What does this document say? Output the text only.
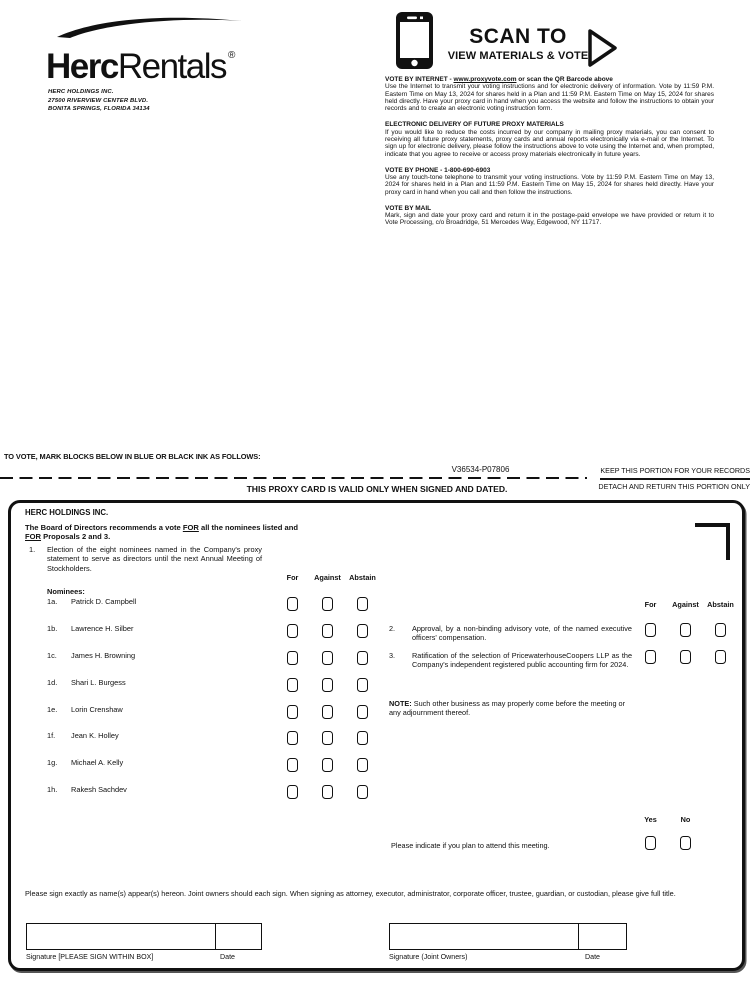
HercRentals ®
HERC HOLDINGS INC.
27500 RIVERVIEW CENTER BLVD.
BONITA SPRINGS, FLORIDA 34134
SCAN TO
VIEW MATERIALS & VOTE
VOTE BY INTERNET - www.proxyvote.com or scan the QR Barcode above
Use the Internet to transmit your voting instructions and for electronic delivery of information. Vote by 11:59 P.M. Eastern Time on May 13, 2024 for shares held in a Plan and 11:59 P.M. Eastern Time on May 15, 2024 for shares held directly. Have your proxy card in hand when you access the website and follow the instructions to obtain your records and to create an electronic voting instruction form.
ELECTRONIC DELIVERY OF FUTURE PROXY MATERIALS
If you would like to reduce the costs incurred by our company in mailing proxy materials, you can consent to receiving all future proxy statements, proxy cards and annual reports electronically via e-mail or the Internet. To sign up for electronic delivery, please follow the instructions above to vote using the Internet and, when prompted, indicate that you agree to receive or access proxy materials electronically in future years.
VOTE BY PHONE - 1-800-690-6903
Use any touch-tone telephone to transmit your voting instructions. Vote by 11:59 P.M. Eastern Time on May 13, 2024 for shares held in a Plan and 11:59 P.M. Eastern Time on May 15, 2024 for shares held directly. Have your proxy card in hand when you call and then follow the instructions.
VOTE BY MAIL
Mark, sign and date your proxy card and return it in the postage-paid envelope we have provided or return it to Vote Processing, c/o Broadridge, 51 Mercedes Way, Edgewood, NY 11717.
TO VOTE, MARK BLOCKS BELOW IN BLUE OR BLACK INK AS FOLLOWS:
V36534-P07806	KEEP THIS PORTION FOR YOUR RECORDS
THIS PROXY CARD IS VALID ONLY WHEN SIGNED AND DATED.	DETACH AND RETURN THIS PORTION ONLY
HERC HOLDINGS INC.
The Board of Directors recommends a vote FOR all the nominees listed and
FOR Proposals 2 and 3.
1.	Election of the eight nominees named in the Company's proxy statement to serve as directors until the next Annual Meeting of Stockholders.
For	Against	Abstain
Nominees:
1a.	Patrick D. Campbell
1b.	Lawrence H. Silber
1c.	James H. Browning
1d.	Shari L. Burgess
1e.	Lorin Crenshaw
1f.	Jean K. Holley
1g.	Michael A. Kelly
1h.	Rakesh Sachdev
For	Against	Abstain
2.	Approval, by a non-binding advisory vote, of the named executive officers' compensation.
3.	Ratification of the selection of PricewaterhouseCoopers LLP as the Company's independent registered public accounting firm for 2024.
NOTE: Such other business as may properly come before the meeting or any adjournment thereof.
Yes	No
Please indicate if you plan to attend this meeting.
Please sign exactly as name(s) appear(s) hereon. Joint owners should each sign. When signing as attorney, executor, administrator, corporate officer, trustee, guardian, or custodian, please give full title.
Signature [PLEASE SIGN WITHIN BOX]	Date	Signature (Joint Owners)	Date
